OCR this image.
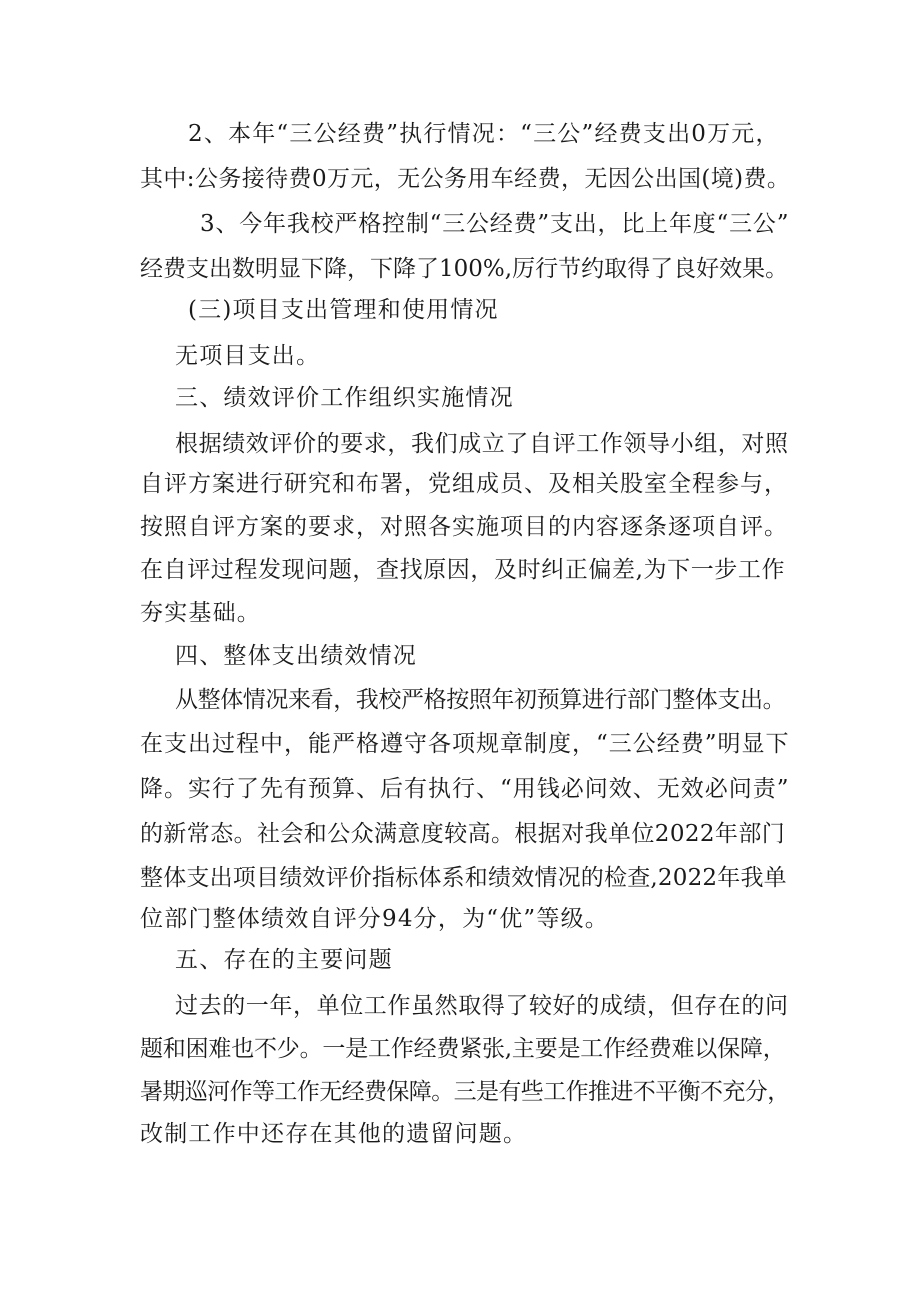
2、本年“三公经费”执行情况：“三公”经费支出0万元，
其中:公务接待费0万元，无公务用车经费，无因公出国(境)费。
3、今年我校严格控制“三公经费”支出，比上年度“三公”
经费支出数明显下降，下降了100%,厉行节约取得了良好效果。
(三)项目支出管理和使用情况
无项目支出。
三、绩效评价工作组织实施情况
根据绩效评价的要求，我们成立了自评工作领导小组，对照
自评方案进行研究和布署，党组成员、及相关股室全程参与，
按照自评方案的要求，对照各实施项目的内容逐条逐项自评。
在自评过程发现问题，查找原因，及时纠正偏差,为下一步工作
夯实基础。
四、整体支出绩效情况
从整体情况来看，我校严格按照年初预算进行部门整体支出。
在支出过程中，能严格遵守各项规章制度，“三公经费”明显下
降。实行了先有预算、后有执行、“用钱必问效、无效必问责”
的新常态。社会和公众满意度较高。根据对我单位2022年部门
整体支出项目绩效评价指标体系和绩效情况的检查,2022年我单
位部门整体绩效自评分94分，为“优”等级。
五、存在的主要问题
过去的一年，单位工作虽然取得了较好的成绩，但存在的问
题和困难也不少。一是工作经费紧张,主要是工作经费难以保障，
暑期巡河作等工作无经费保障。三是有些工作推进不平衡不充分，
改制工作中还存在其他的遗留问题。
